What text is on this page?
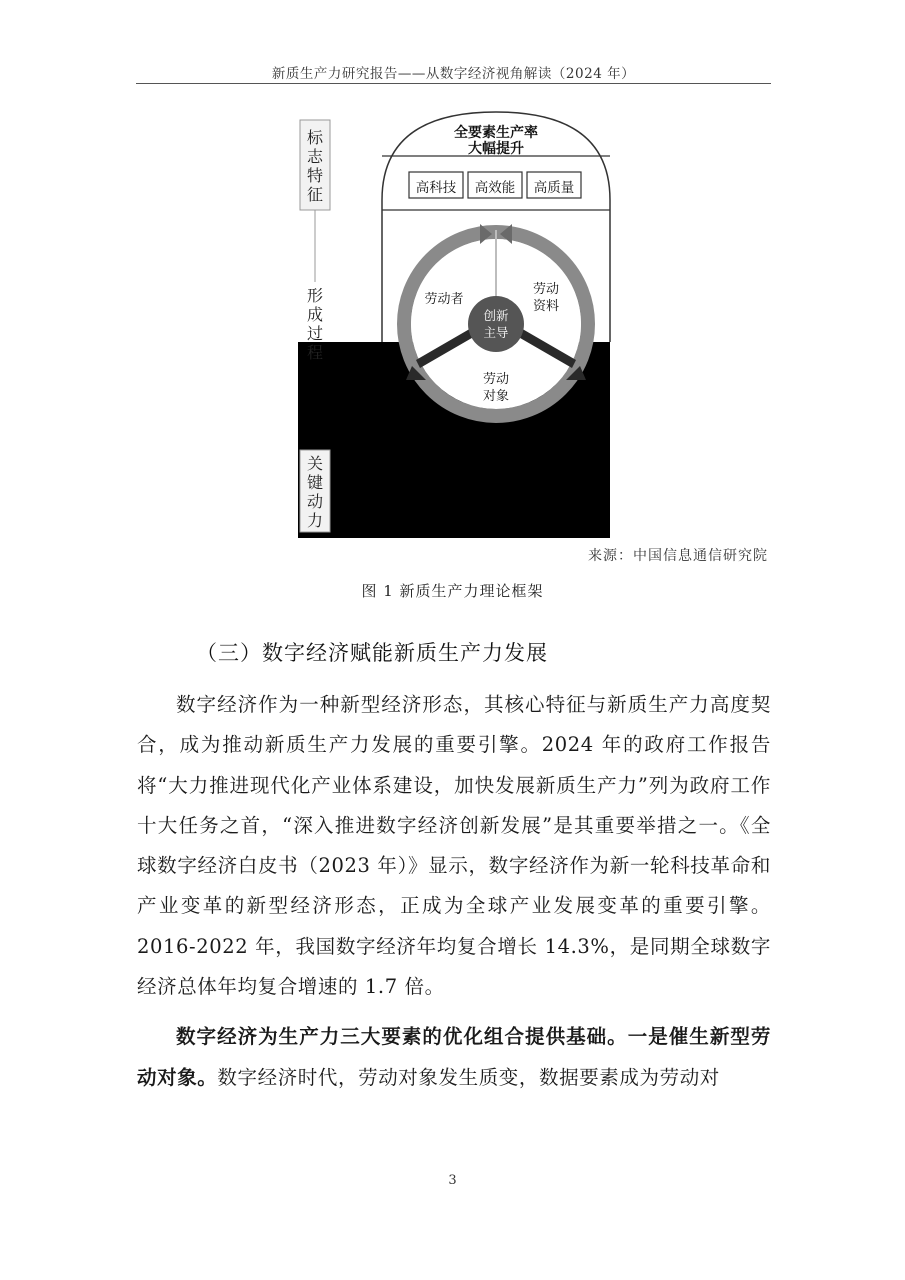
新质生产力研究报告——从数字经济视角解读（2024 年）
标志特征
形成过程
关键动力
全要素生产率
大幅提升
高科技	高效能	高质量
创新
主导
劳动者
劳动
资料
劳动
对象
来源：中国信息通信研究院
图 1 新质生产力理论框架
（三）数字经济赋能新质生产力发展

数字经济作为一种新型经济形态，其核心特征与新质生产力高度契合，成为推动新质生产力发展的重要引擎。2024 年的政府工作报告将“大力推进现代化产业体系建设，加快发展新质生产力”列为政府工作十大任务之首，“深入推进数字经济创新发展”是其重要举措之一。《全球数字经济白皮书（2023 年）》显示，数字经济作为新一轮科技革命和产业变革的新型经济形态，正成为全球产业发展变革的重要引擎。2016-2022 年，我国数字经济年均复合增长 14.3%，是同期全球数字经济总体年均复合增速的 1.7 倍。

数字经济为生产力三大要素的优化组合提供基础。一是催生新型劳动对象。数字经济时代，劳动对象发生质变，数据要素成为劳动对

3
